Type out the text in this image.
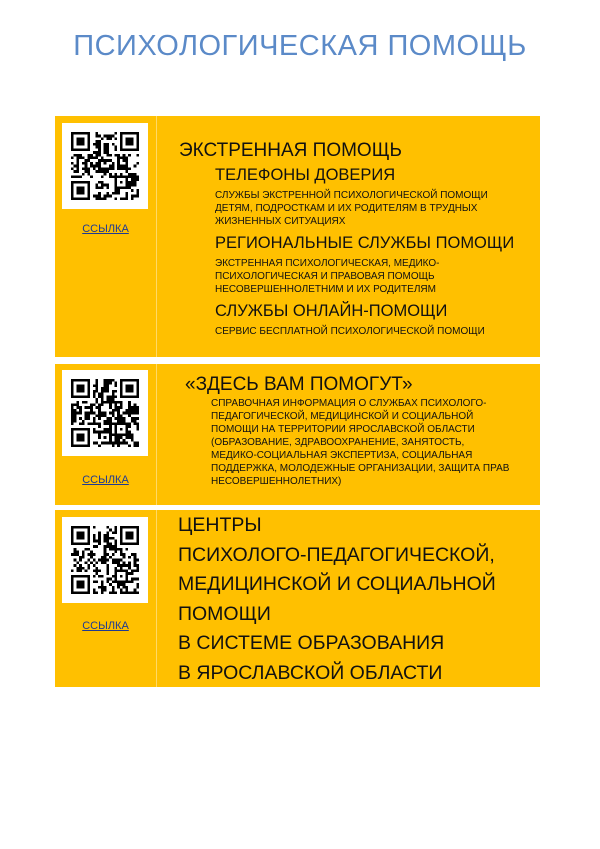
ПСИХОЛОГИЧЕСКАЯ ПОМОЩЬ
ССЫЛКА
ЭКСТРЕННАЯ ПОМОЩЬ
ТЕЛЕФОНЫ ДОВЕРИЯ
СЛУЖБЫ ЭКСТРЕННОЙ ПСИХОЛОГИЧЕСКОЙ ПОМОЩИ ДЕТЯМ, ПОДРОСТКАМ И ИХ РОДИТЕЛЯМ В ТРУДНЫХ ЖИЗНЕННЫХ СИТУАЦИЯХ
РЕГИОНАЛЬНЫЕ СЛУЖБЫ ПОМОЩИ
ЭКСТРЕННАЯ ПСИХОЛОГИЧЕСКАЯ, МЕДИКО-ПСИХОЛОГИЧЕСКАЯ И ПРАВОВАЯ ПОМОЩЬ НЕСОВЕРШЕННОЛЕТНИМ И ИХ РОДИТЕЛЯМ
СЛУЖБЫ ОНЛАЙН-ПОМОЩИ
СЕРВИС БЕСПЛАТНОЙ ПСИХОЛОГИЧЕСКОЙ ПОМОЩИ
ССЫЛКА
«ЗДЕСЬ ВАМ ПОМОГУТ»
СПРАВОЧНАЯ ИНФОРМАЦИЯ О СЛУЖБАХ ПСИХОЛОГО-ПЕДАГОГИЧЕСКОЙ, МЕДИЦИНСКОЙ И СОЦИАЛЬНОЙ ПОМОЩИ НА ТЕРРИТОРИИ ЯРОСЛАВСКОЙ ОБЛАСТИ (ОБРАЗОВАНИЕ, ЗДРАВООХРАНЕНИЕ, ЗАНЯТОСТЬ, МЕДИКО-СОЦИАЛЬНАЯ ЭКСПЕРТИЗА, СОЦИАЛЬНАЯ ПОДДЕРЖКА, МОЛОДЕЖНЫЕ ОРГАНИЗАЦИИ, ЗАЩИТА ПРАВ НЕСОВЕРШЕННОЛЕТНИХ)
ССЫЛКА
ЦЕНТРЫ
ПСИХОЛОГО-ПЕДАГОГИЧЕСКОЙ,
МЕДИЦИНСКОЙ И СОЦИАЛЬНОЙ
ПОМОЩИ
В СИСТЕМЕ ОБРАЗОВАНИЯ
В ЯРОСЛАВСКОЙ ОБЛАСТИ
